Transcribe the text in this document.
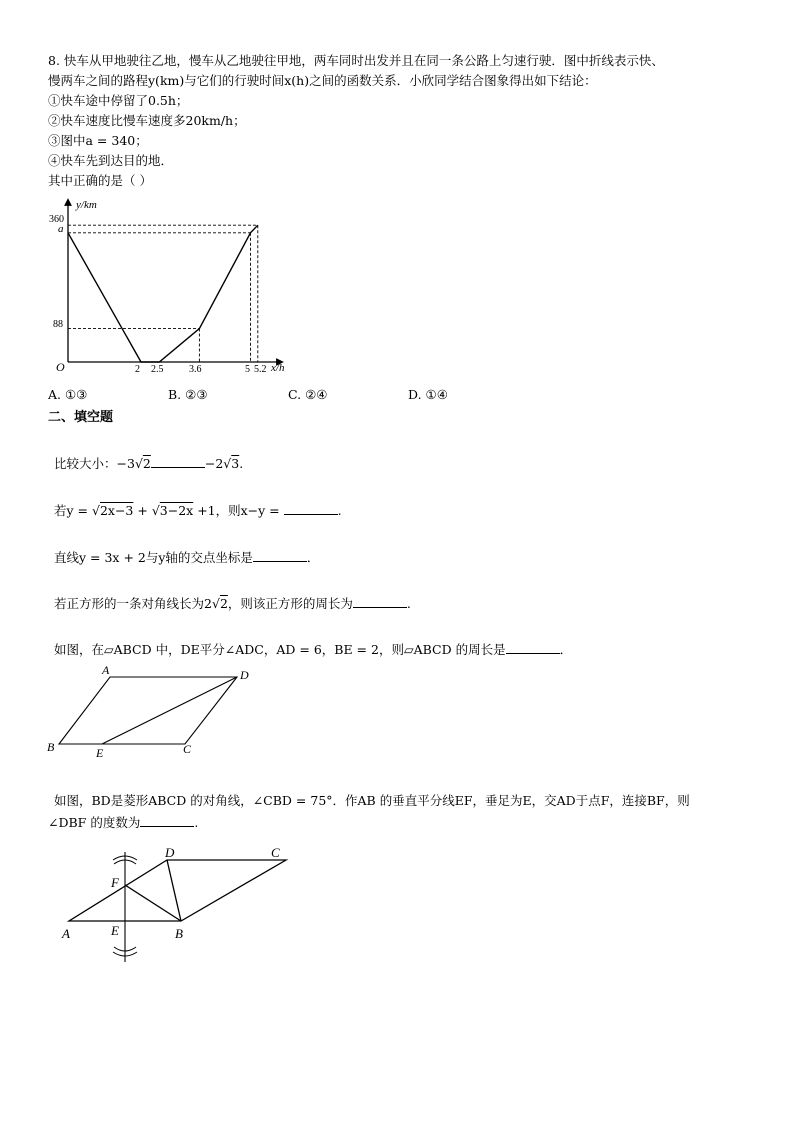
8. 快车从甲地驶往乙地，慢车从乙地驶往甲地，两车同时出发并且在同一条公路上匀速行驶．图中折线表示快、
慢两车之间的路程y(km)与它们的行驶时间x(h)之间的函数关系．小欣同学结合图象得出如下结论：
①快车途中停留了0.5h；
②快车速度比慢车速度多20km/h；
③图中a = 340；
④快车先到达目的地．
其中正确的是（ ）
y/km
x/h
O
360
a
88
2 2.5	3.6	5 5.2
A. ①③	B. ②③	C. ②④	D. ①④
二、填空题
比较大小：−3√2	−2√3.
若y = √2x−3 + √3−2x +1，则x−y =	.
直线y = 3x + 2与y轴的交点坐标是	．
若正方形的一条对角线长为2√2，则该正方形的周长为	.
如图，在▱ABCD 中，DE平分∠ADC，AD = 6，BE = 2，则▱ABCD 的周长是	．
A	D
B	E	C
如图，BD是菱形ABCD 的对角线，∠CBD = 75°．作AB 的垂直平分线EF，垂足为E，交AD于点F，连接BF，则
∠DBF 的度数为	.
D	C
F
A	E	B
